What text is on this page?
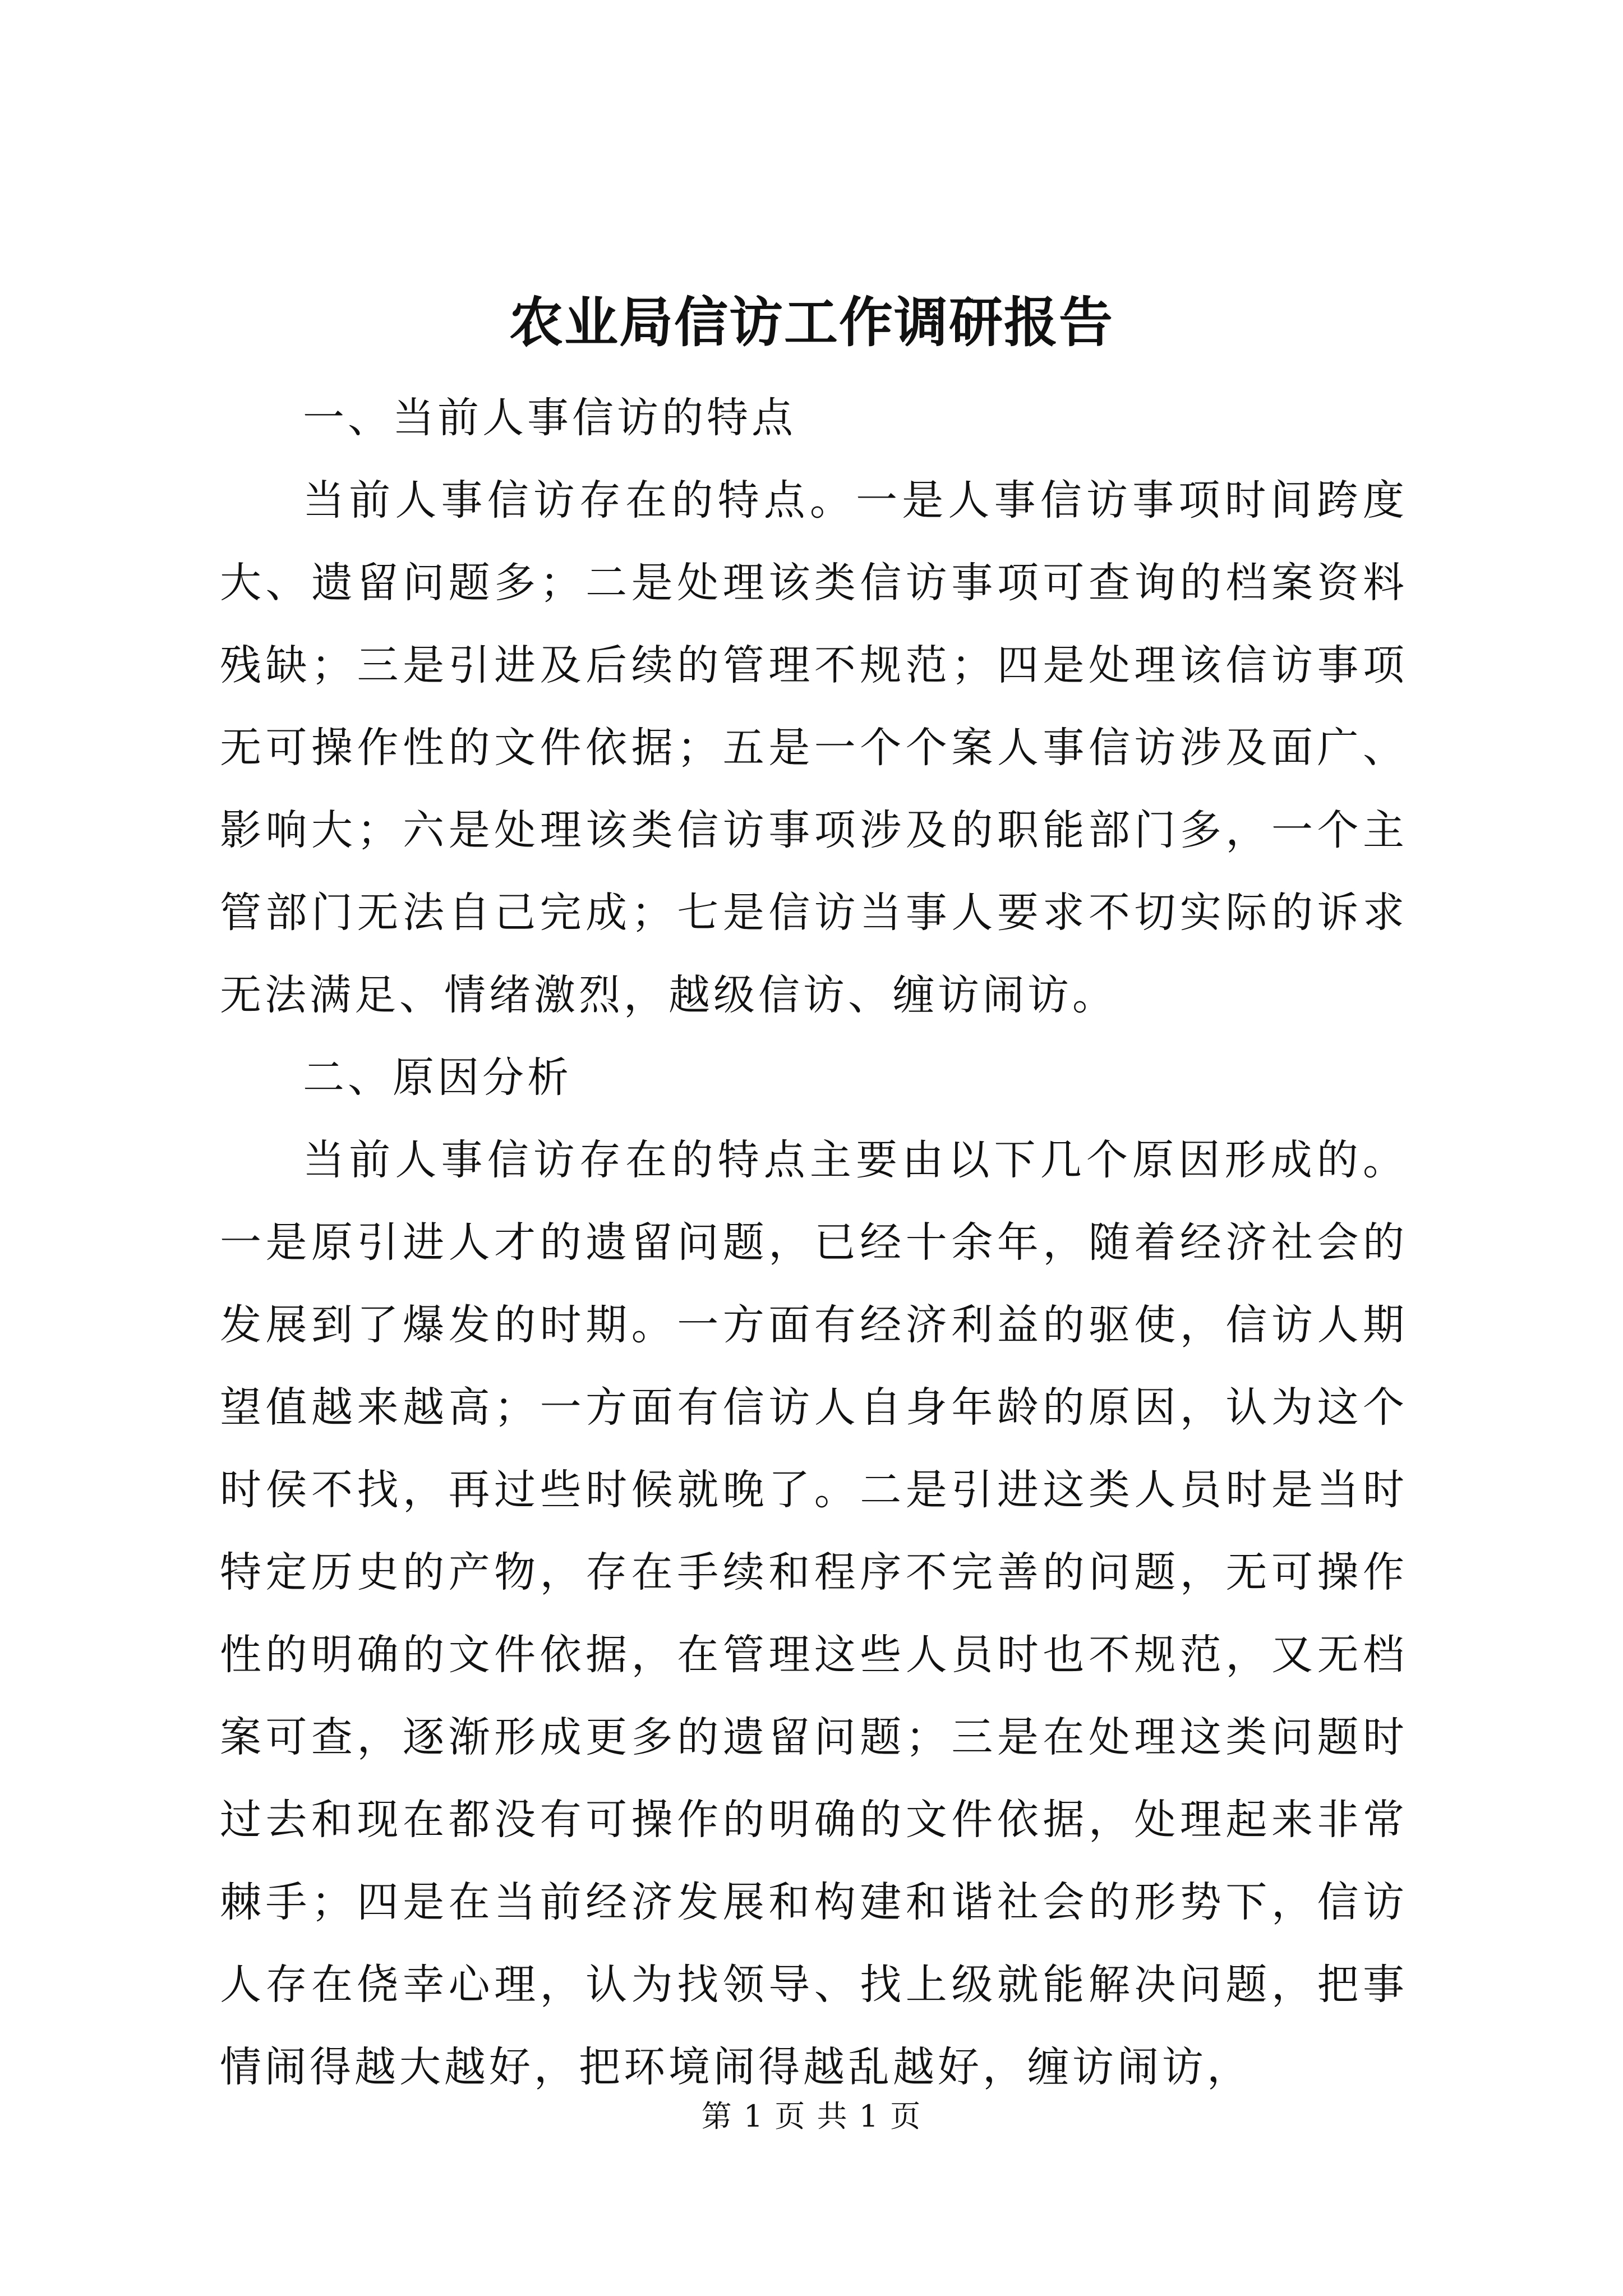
农业局信访工作调研报告

一、当前人事信访的特点

当前人事信访存在的特点。一是人事信访事项时间跨度大、遗留问题多；二是处理该类信访事项可查询的档案资料残缺；三是引进及后续的管理不规范；四是处理该信访事项无可操作性的文件依据；五是一个个案人事信访涉及面广、影响大；六是处理该类信访事项涉及的职能部门多，一个主管部门无法自己完成；七是信访当事人要求不切实际的诉求无法满足、情绪激烈，越级信访、缠访闹访。

二、原因分析

当前人事信访存在的特点主要由以下几个原因形成的。一是原引进人才的遗留问题，已经十余年，随着经济社会的发展到了爆发的时期。一方面有经济利益的驱使，信访人期望值越来越高；一方面有信访人自身年龄的原因，认为这个时侯不找，再过些时候就晚了。二是引进这类人员时是当时特定历史的产物，存在手续和程序不完善的问题，无可操作性的明确的文件依据，在管理这些人员时也不规范，又无档案可查，逐渐形成更多的遗留问题；三是在处理这类问题时过去和现在都没有可操作的明确的文件依据，处理起来非常棘手；四是在当前经济发展和构建和谐社会的形势下，信访人存在侥幸心理，认为找领导、找上级就能解决问题，把事情闹得越大越好，把环境闹得越乱越好，缠访闹访，

第 1 页 共 1 页
